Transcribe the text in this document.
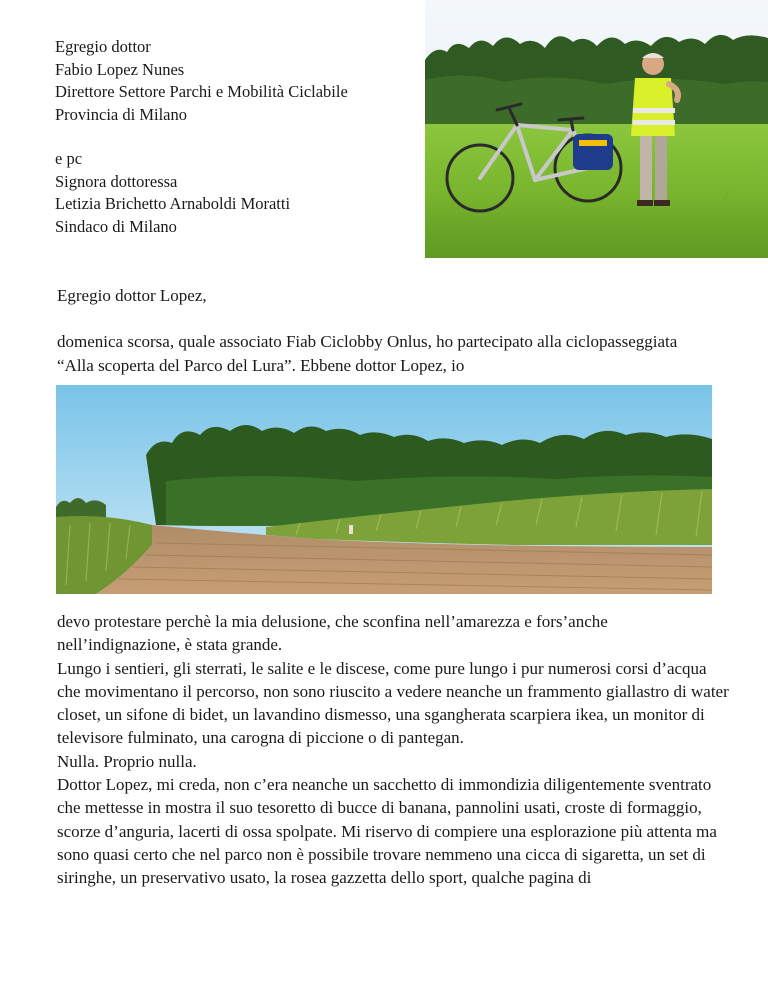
Egregio dottor
Fabio Lopez Nunes
Direttore Settore Parchi e Mobilità Ciclabile
Provincia di Milano
e pc
Signora dottoressa
Letizia Brichetto Arnaboldi Moratti
Sindaco di Milano
Egregio dottor Lopez,
domenica scorsa, quale associato Fiab Ciclobby Onlus, ho partecipato alla ciclopasseggiata “Alla scoperta del Parco del Lura”. Ebbene dottor Lopez, io

devo protestare perchè la mia delusione, che sconfina nell’amarezza e fors’anche nell’indignazione, è stata grande.

Lungo i sentieri, gli sterrati, le salite e le discese, come pure lungo i pur numerosi corsi d’acqua che movimentano il percorso, non sono riuscito a vedere neanche un frammento giallastro di water closet, un sifone di bidet, un lavandino dismesso, una sgangherata scarpiera ikea, un monitor di televisore fulminato, una carogna di piccione o di pantegan.

Nulla. Proprio nulla.

Dottor Lopez, mi creda, non c’era neanche un sacchetto di immondizia diligentemente sventrato che mettesse in mostra il suo tesoretto di bucce di banana, pannolini usati, croste di formaggio, scorze d’anguria, lacerti di ossa spolpate. Mi riservo di compiere una esplorazione più attenta ma sono quasi certo che nel parco non è possibile trovare nemmeno una cicca di sigaretta, un set di siringhe, un preservativo usato, la rosea gazzetta dello sport, qualche pagina di
